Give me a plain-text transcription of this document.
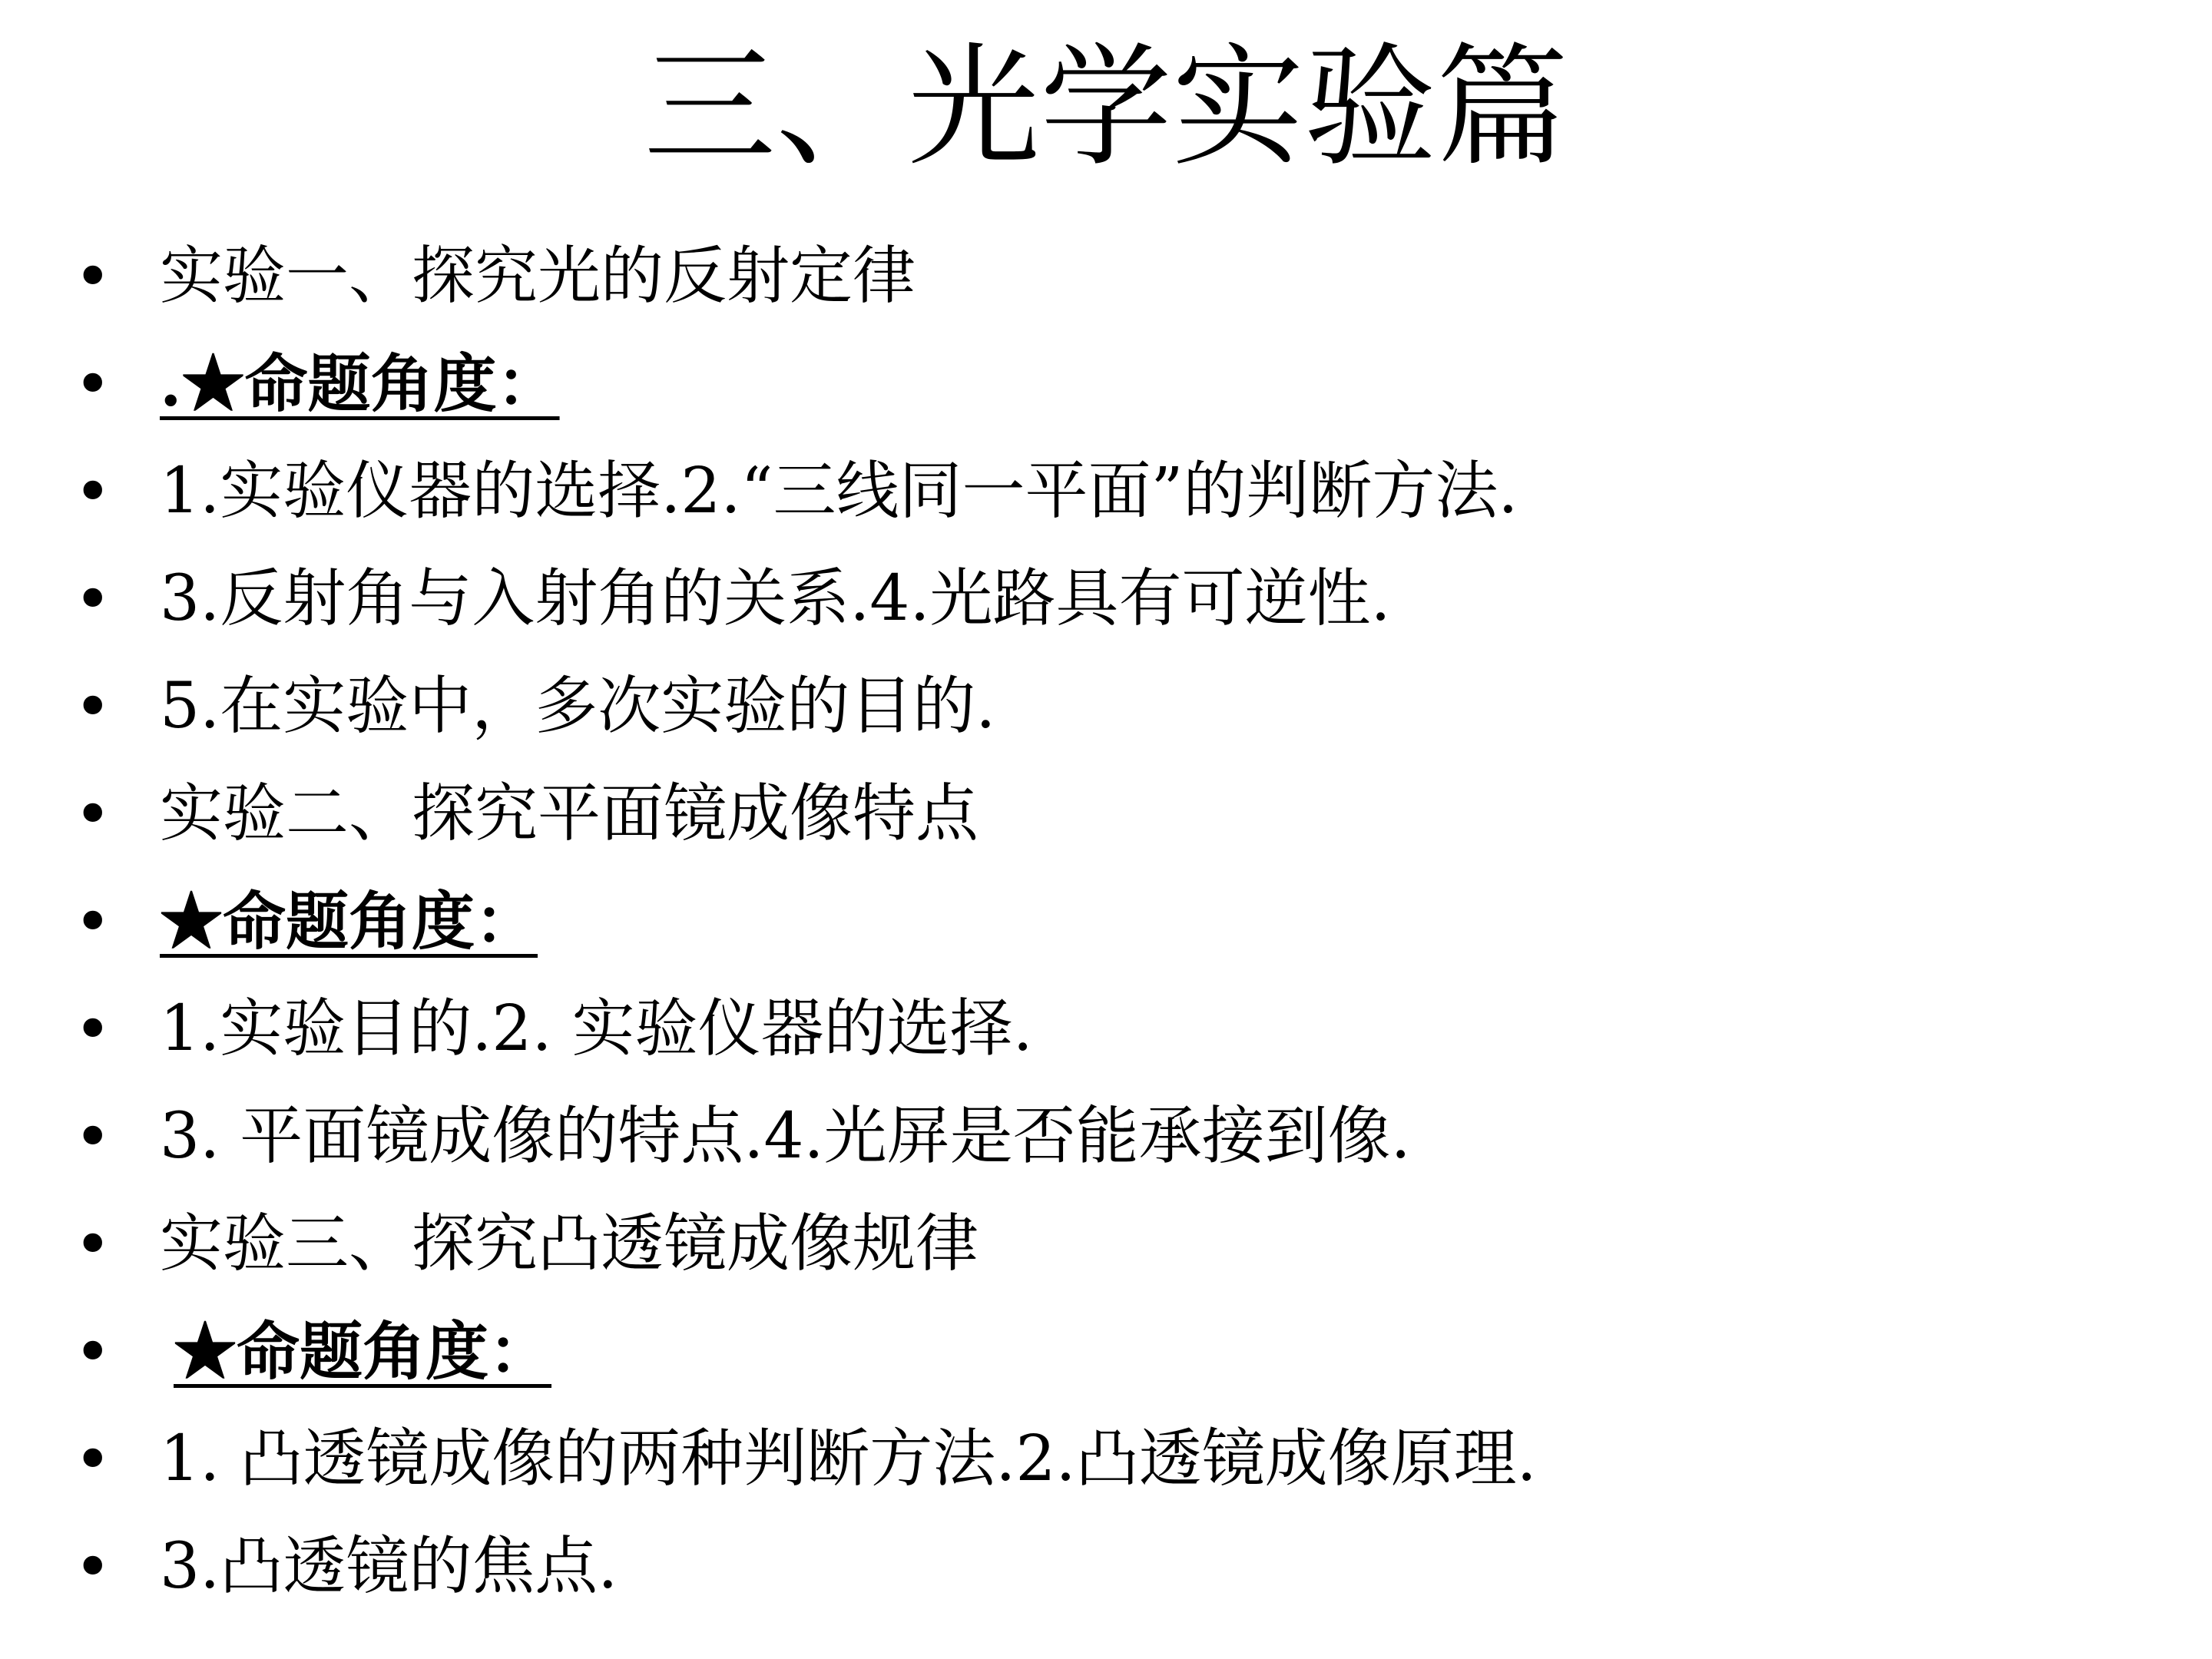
三、光学实验篇
• 实验一、探究光的反射定律
• .★命题角度：
• 1.实验仪器的选择.2.“三线同一平面”的判断方法.
• 3.反射角与入射角的关系.4.光路具有可逆性.
• 5.在实验中，多次实验的目的.
• 实验二、探究平面镜成像特点
• ★命题角度：
• 1.实验目的.2. 实验仪器的选择.
• 3. 平面镜成像的特点.4.光屏是否能承接到像.
• 实验三、探究凸透镜成像规律
• ★命题角度：
• 1. 凸透镜成像的两种判断方法.2.凸透镜成像原理.
• 3.凸透镜的焦点.
